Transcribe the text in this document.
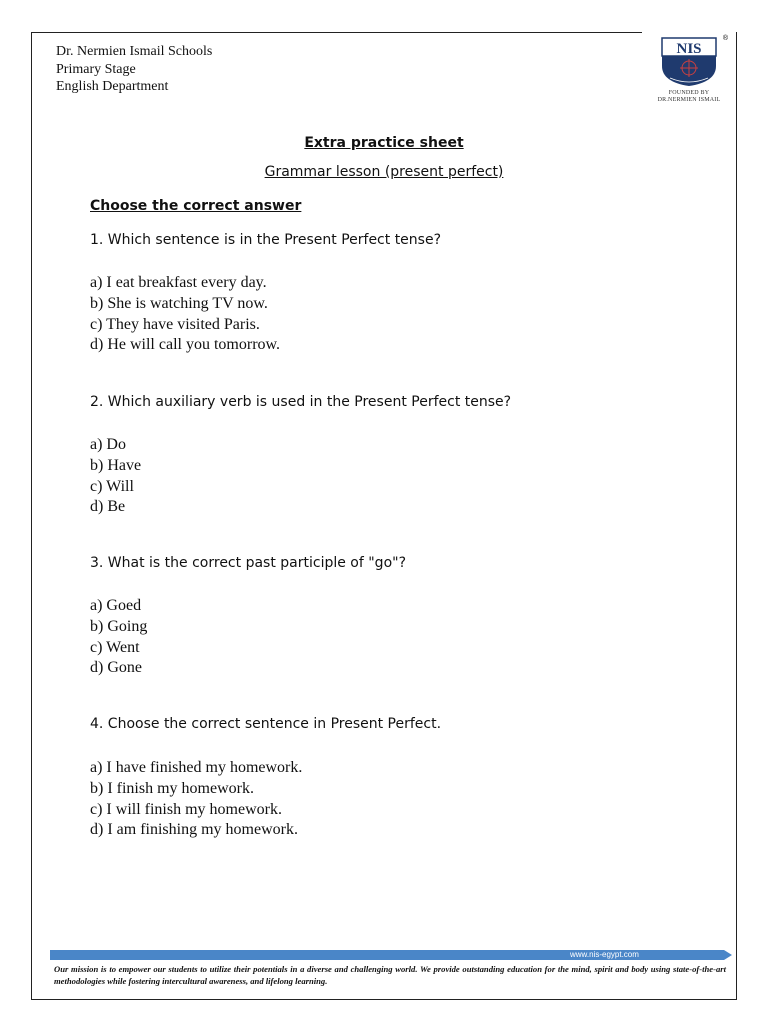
Dr. Nermien Ismail Schools
Primary Stage
English Department
®
NIS
FOUNDED BY
DR.NERMIEN ISMAIL
Extra practice sheet
Grammar lesson (present perfect)
Choose the correct answer
1. Which sentence is in the Present Perfect tense?
a) I eat breakfast every day.
b) She is watching TV now.
c) They have visited Paris.
d) He will call you tomorrow.
2. Which auxiliary verb is used in the Present Perfect tense?
a) Do
b) Have
c) Will
d) Be
3. What is the correct past participle of "go"?
a) Goed
b) Going
c) Went
d) Gone
4. Choose the correct sentence in Present Perfect.
a) I have finished my homework.
b) I finish my homework.
c) I will finish my homework.
d) I am finishing my homework.
www.nis-egypt.com
Our mission is to empower our students to utilize their potentials in a diverse and challenging world. We provide outstanding education for the mind, spirit and body using state-of-the-art methodologies while fostering intercultural awareness, and lifelong learning.
